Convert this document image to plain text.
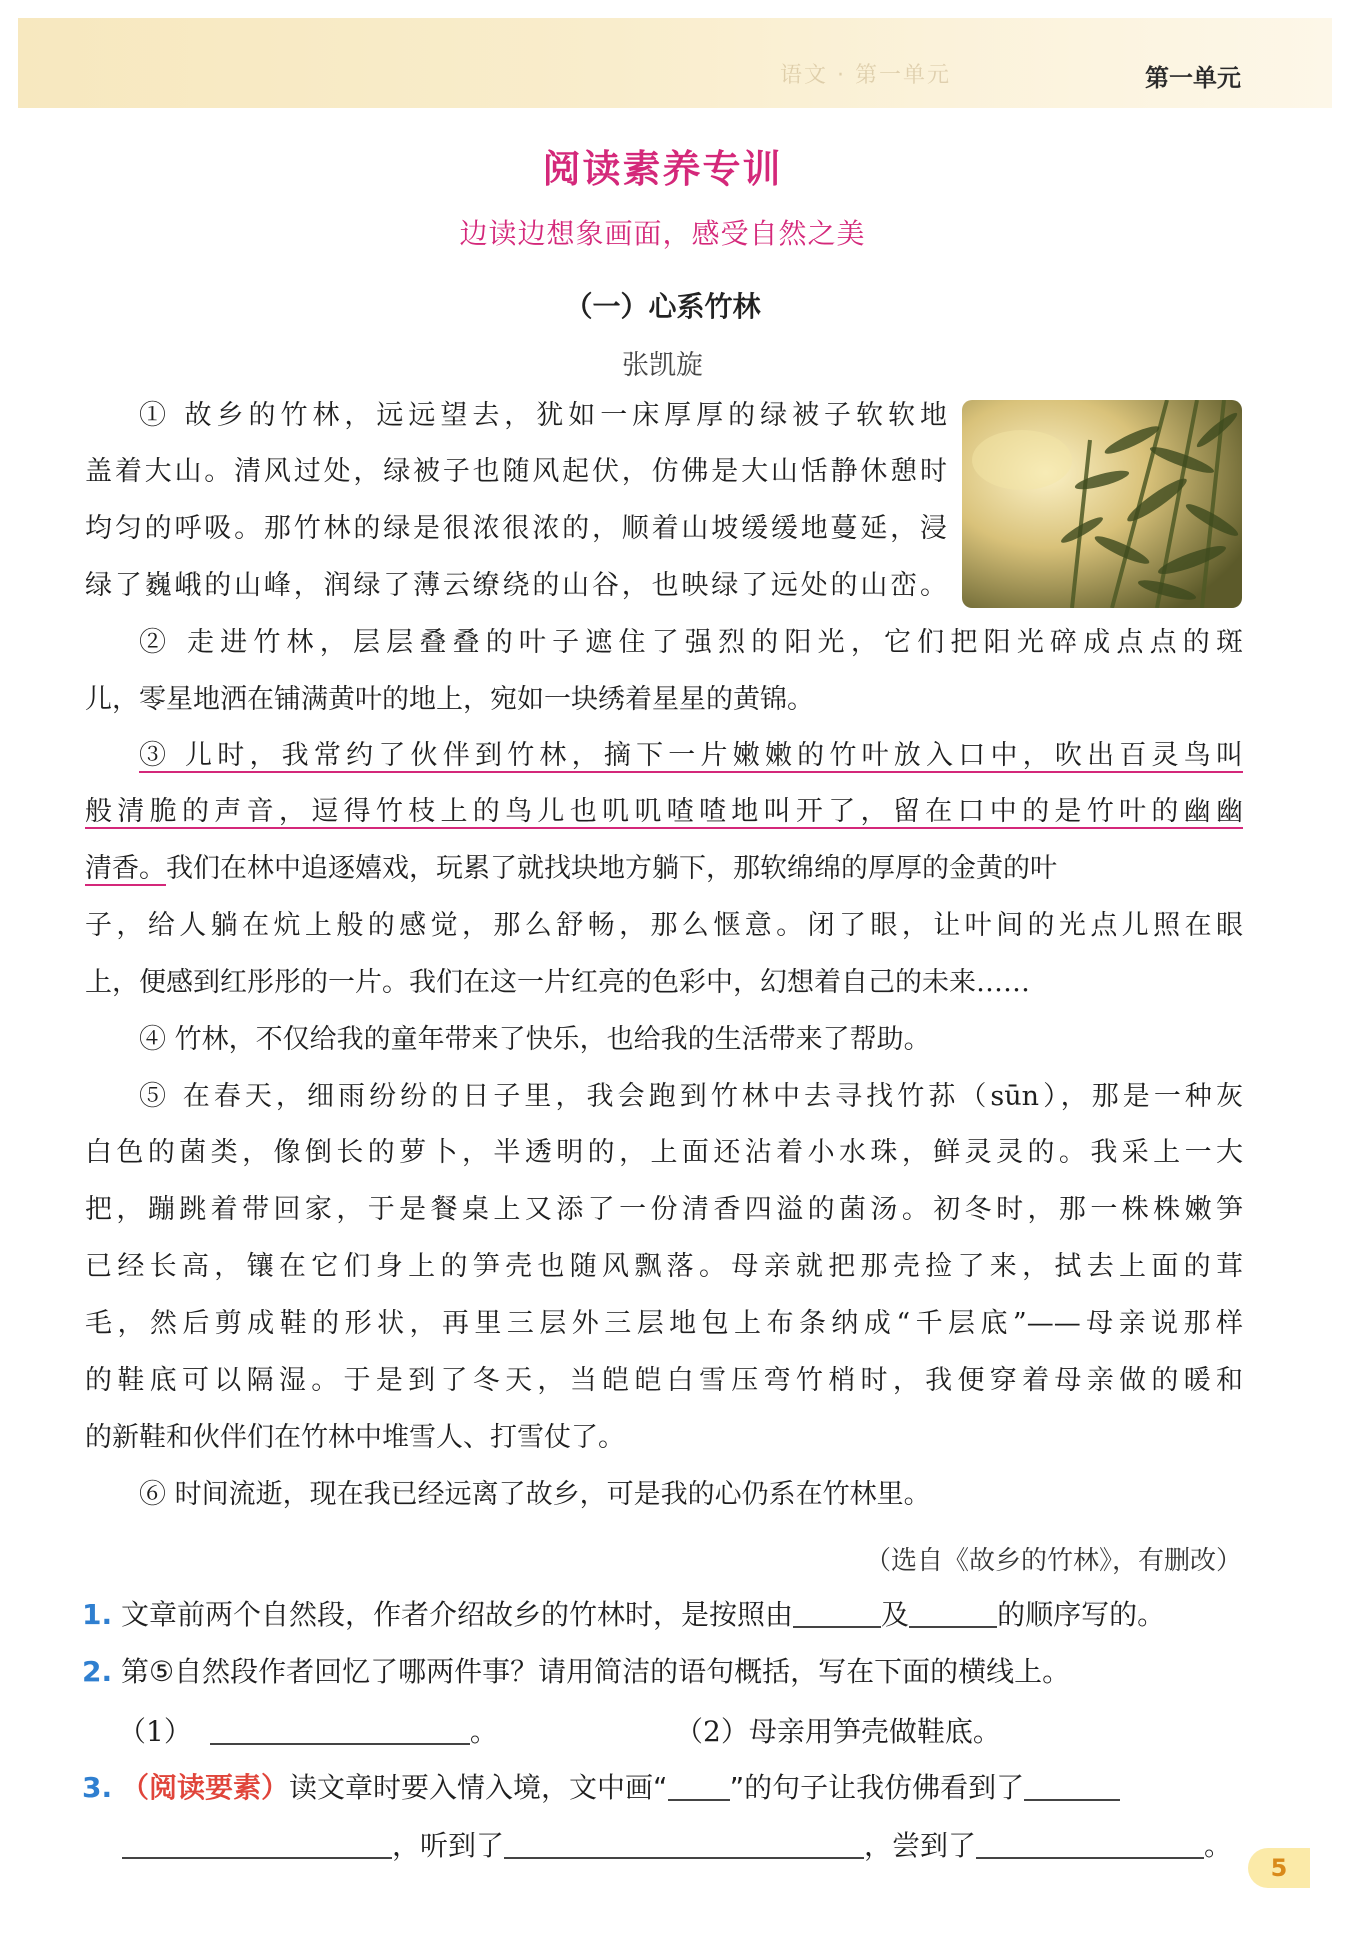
语文 · 第一单元	第一单元
阅读素养专训
边读边想象画面，感受自然之美
（一）心系竹林
张凯旋
① 故乡的竹林，远远望去，犹如一床厚厚的绿被子软软地
盖着大山。清风过处，绿被子也随风起伏，仿佛是大山恬静休憩时
均匀的呼吸。那竹林的绿是很浓很浓的，顺着山坡缓缓地蔓延，浸
绿了巍峨的山峰，润绿了薄云缭绕的山谷，也映绿了远处的山峦。
② 走进竹林，层层叠叠的叶子遮住了强烈的阳光，它们把阳光碎成点点的斑
儿，零星地洒在铺满黄叶的地上，宛如一块绣着星星的黄锦。
③ 儿时，我常约了伙伴到竹林，摘下一片嫩嫩的竹叶放入口中，吹出百灵鸟叫
般清脆的声音，逗得竹枝上的鸟儿也叽叽喳喳地叫开了，留在口中的是竹叶的幽幽
清香。我们在林中追逐嬉戏，玩累了就找块地方躺下，那软绵绵的厚厚的金黄的叶
子，给人躺在炕上般的感觉，那么舒畅，那么惬意。闭了眼，让叶间的光点儿照在眼
上，便感到红彤彤的一片。我们在这一片红亮的色彩中，幻想着自己的未来……
④ 竹林，不仅给我的童年带来了快乐，也给我的生活带来了帮助。
⑤ 在春天，细雨纷纷的日子里，我会跑到竹林中去寻找竹荪（sūn），那是一种灰
白色的菌类，像倒长的萝卜，半透明的，上面还沾着小水珠，鲜灵灵的。我采上一大
把，蹦跳着带回家，于是餐桌上又添了一份清香四溢的菌汤。初冬时，那一株株嫩笋
已经长高，镶在它们身上的笋壳也随风飘落。母亲就把那壳捡了来，拭去上面的茸
毛，然后剪成鞋的形状，再里三层外三层地包上布条纳成“千层底”——母亲说那样
的鞋底可以隔湿。于是到了冬天，当皑皑白雪压弯竹梢时，我便穿着母亲做的暖和
的新鞋和伙伴们在竹林中堆雪人、打雪仗了。
⑥ 时间流逝，现在我已经远离了故乡，可是我的心仍系在竹林里。
（选自《故乡的竹林》，有删改）
1. 文章前两个自然段，作者介绍故乡的竹林时，是按照由	及	的顺序写的。
2. 第⑤自然段作者回忆了哪两件事？请用简洁的语句概括，写在下面的横线上。
（1）	。	（2）母亲用笋壳做鞋底。
3. （阅读要素）读文章时要入情入境，文中画“ ”的句子让我仿佛看到了
，听到了	，尝到了	。
5
